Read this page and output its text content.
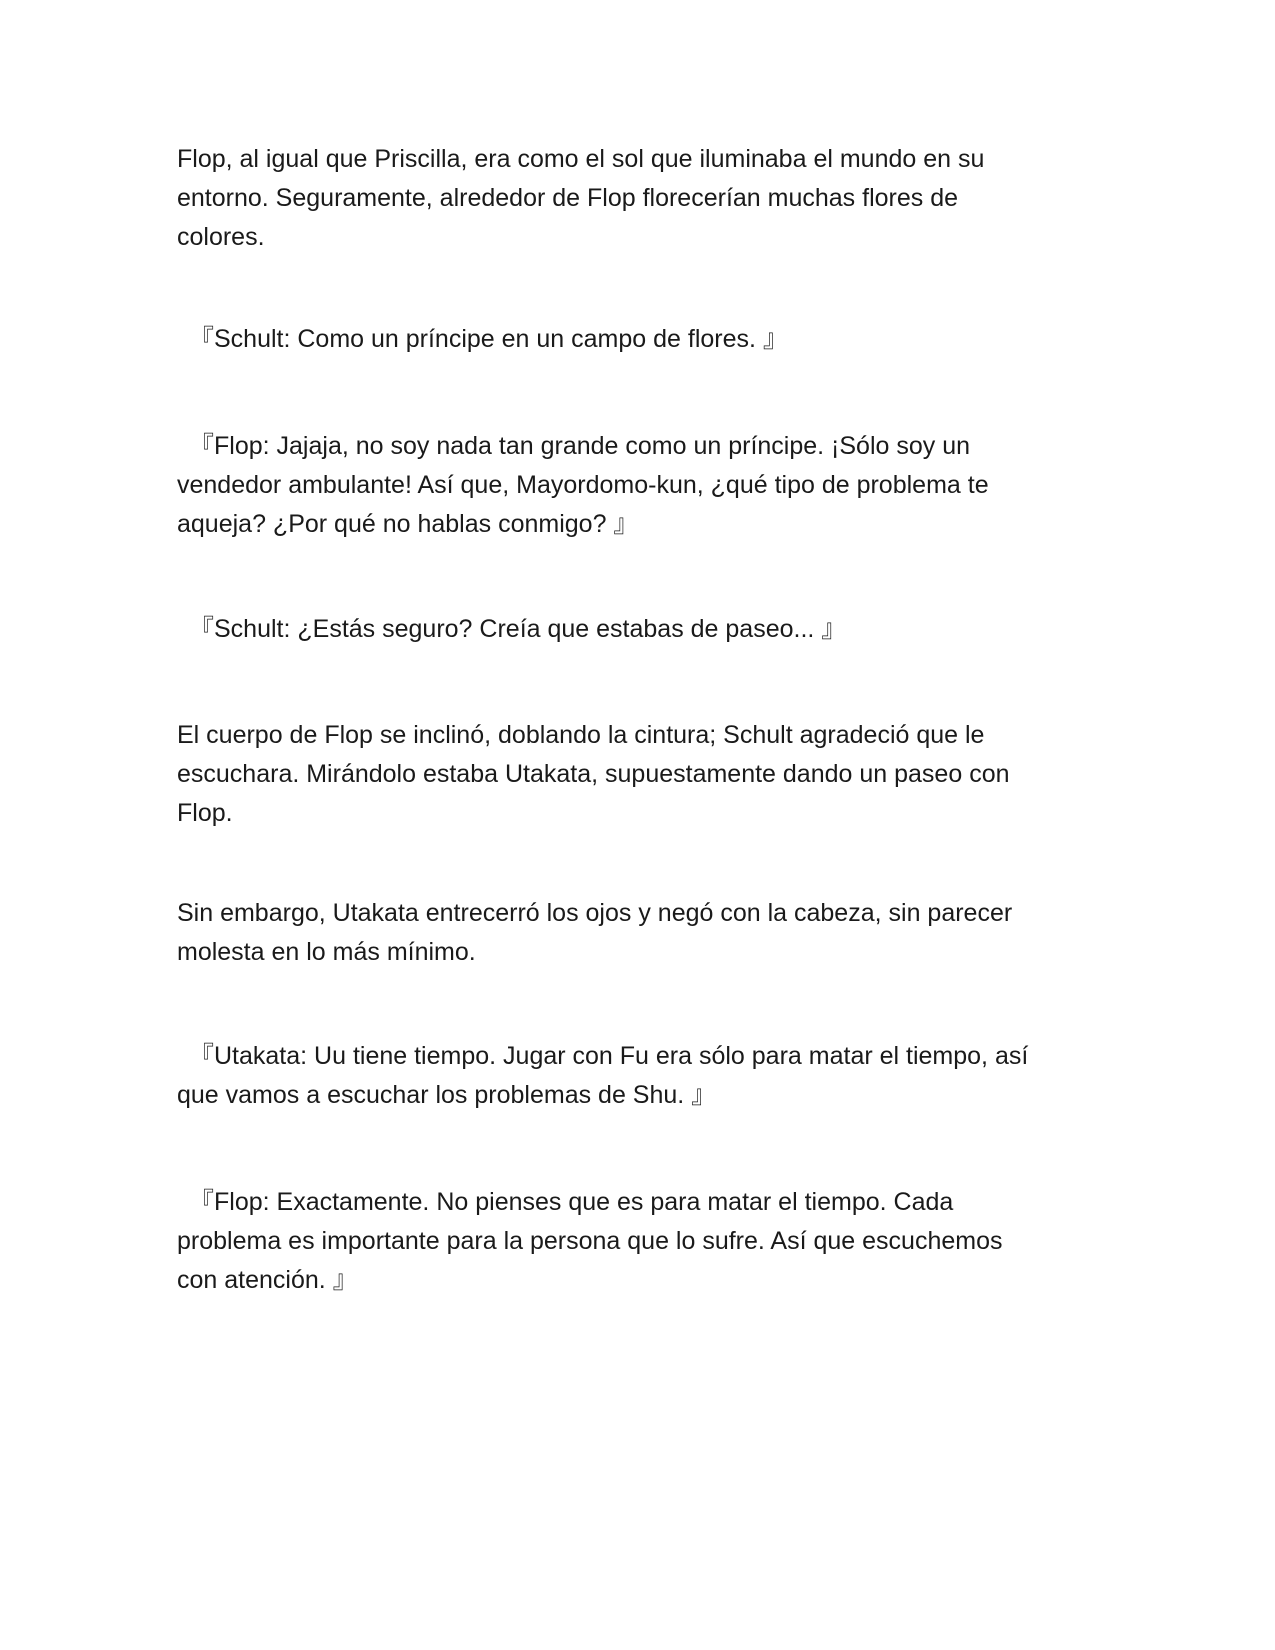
Flop, al igual que Priscilla, era como el sol que iluminaba el mundo en su
entorno. Seguramente, alrededor de Flop florecerían muchas flores de
colores.

『Schult: Como un príncipe en un campo de flores. 』

『Flop: Jajaja, no soy nada tan grande como un príncipe. ¡Sólo soy un
vendedor ambulante! Así que, Mayordomo-kun, ¿qué tipo de problema te
aqueja? ¿Por qué no hablas conmigo? 』

『Schult: ¿Estás seguro? Creía que estabas de paseo... 』

El cuerpo de Flop se inclinó, doblando la cintura; Schult agradeció que le
escuchara. Mirándolo estaba Utakata, supuestamente dando un paseo con
Flop.

Sin embargo, Utakata entrecerró los ojos y negó con la cabeza, sin parecer
molesta en lo más mínimo.

『Utakata: Uu tiene tiempo. Jugar con Fu era sólo para matar el tiempo, así
que vamos a escuchar los problemas de Shu. 』

『Flop: Exactamente. No pienses que es para matar el tiempo. Cada
problema es importante para la persona que lo sufre. Así que escuchemos
con atención. 』
